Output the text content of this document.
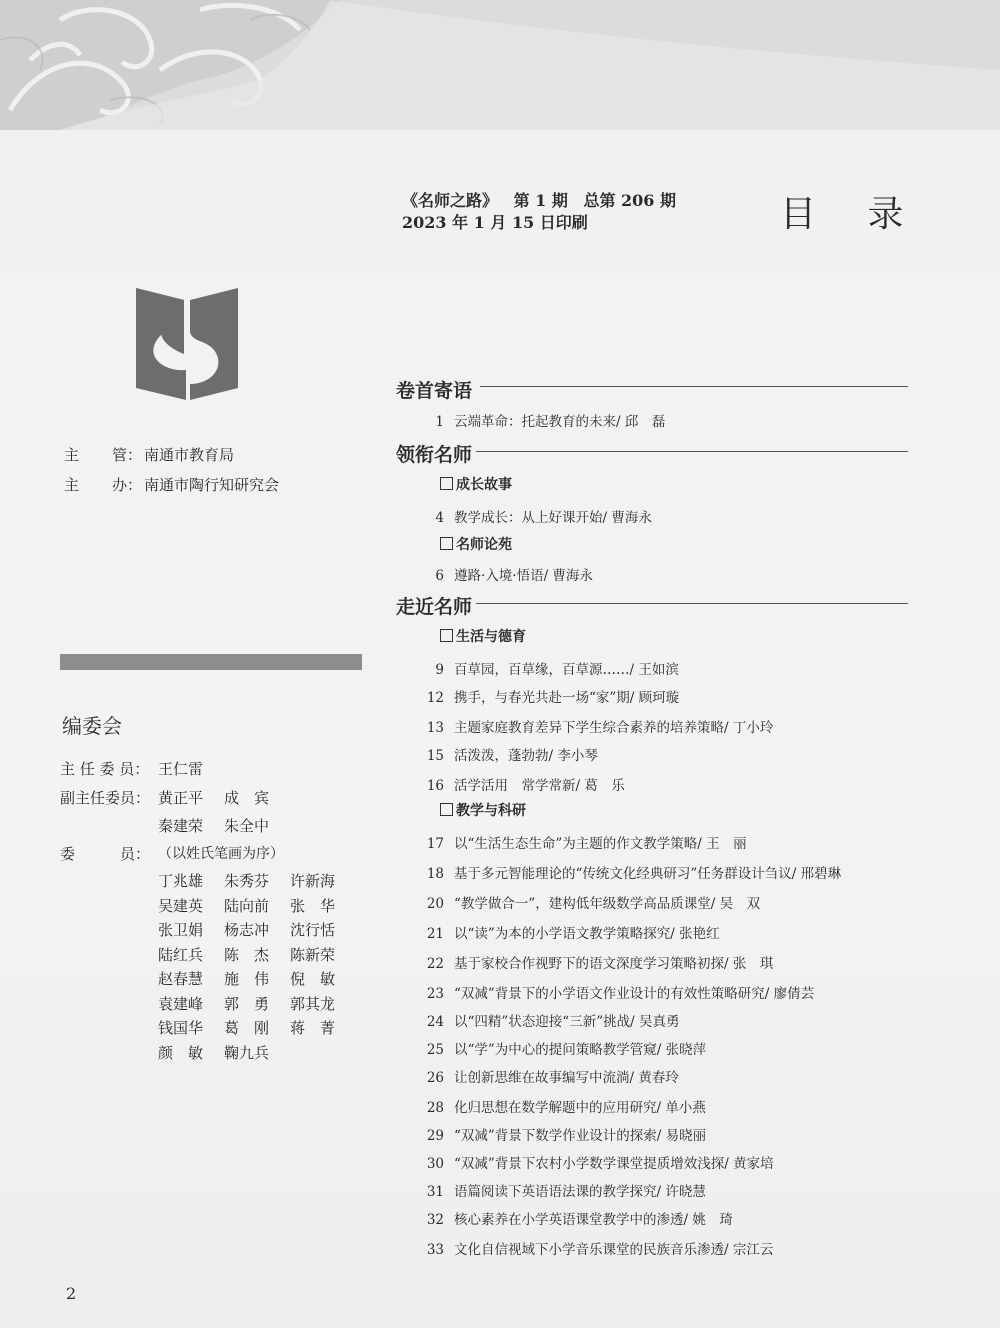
《名师之路》 第 1 期 总第 206 期
2023 年 1 月 15 日印刷	目 录
主 管： 南通市教育局
主 办： 南通市陶行知研究会
编委会
主 任 委 员： 王仁雷
副主任委员： 黄正平 成　宾
秦建荣 朱全中
委　　　员： （以姓氏笔画为序）
丁兆雄 朱秀芬 许新海
吴建英 陆向前 张　华
张卫娟 杨志冲 沈行恬
陆红兵 陈　杰 陈新荣
赵春慧 施　伟 倪　敏
袁建峰 郭　勇 郭其龙
钱国华 葛　刚 蒋　菁
颜　敏 鞠九兵
卷首寄语
领衔名师
走近名师
成长故事
名师论苑
生活与德育
教学与科研
1 云端革命：托起教育的未来/ 邱　磊
4 教学成长：从上好课开始/ 曹海永
6 遵路·入境·悟语/ 曹海永
9 百草园，百草缘，百草源……/ 王如滨
12 携手，与春光共赴一场“家”期/ 顾珂璇
13 主题家庭教育差异下学生综合素养的培养策略/ 丁小玲
15 活泼泼，蓬勃勃/ 李小琴
16 活学活用　常学常新/ 葛　乐
17 以“生活生态生命”为主题的作文教学策略/ 王　丽
18 基于多元智能理论的“传统文化经典研习”任务群设计刍议/ 邢碧琳
20 “教学做合一”，建构低年级数学高品质课堂/ 吴　双
21 以“读”为本的小学语文教学策略探究/ 张艳红
22 基于家校合作视野下的语文深度学习策略初探/ 张　琪
23 “双减”背景下的小学语文作业设计的有效性策略研究/ 廖倩芸
24 以“四精”状态迎接“三新”挑战/ 吴真勇
25 以“学”为中心的提问策略教学管窥/ 张晓萍
26 让创新思维在故事编写中流淌/ 黄春玲
28 化归思想在数学解题中的应用研究/ 单小燕
29 “双减”背景下数学作业设计的探索/ 易晓丽
30 “双减”背景下农村小学数学课堂提质增效浅探/ 黄家培
31 语篇阅读下英语语法课的教学探究/ 许晓慧
32 核心素养在小学英语课堂教学中的渗透/ 姚　琦
33 文化自信视域下小学音乐课堂的民族音乐渗透/ 宗江云
2
